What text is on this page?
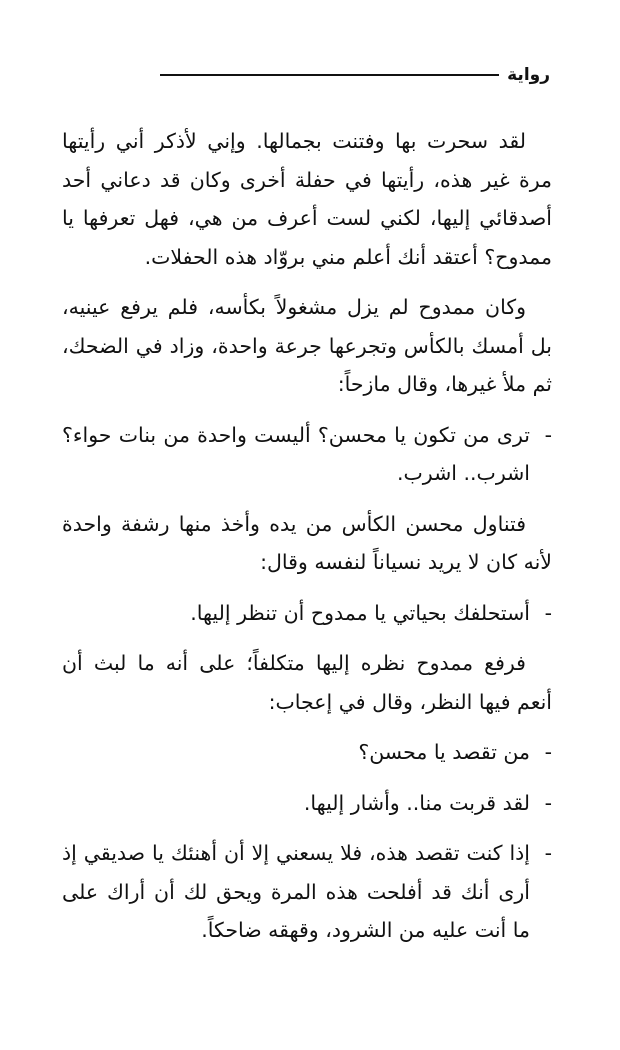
رواية

لقد سحرت بها وفتنت بجمالها. وإني لأذكر أني رأيتها مرة غير هذه، رأيتها في حفلة أخرى وكان قد دعاني أحد أصدقائي إليها، لكني لست أعرف من هي، فهل تعرفها يا ممدوح؟ أعتقد أنك أعلم مني بروّاد هذه الحفلات.

وكان ممدوح لم يزل مشغولاً بكأسه، فلم يرفع عينيه، بل أمسك بالكأس وتجرعها جرعة واحدة، وزاد في الضحك، ثم ملأ غيرها، وقال مازحاً:

-
ترى من تكون يا محسن؟ أليست واحدة من بنات حواء؟ اشرب.. اشرب.

فتناول محسن الكأس من يده وأخذ منها رشفة واحدة لأنه كان لا يريد نسياناً لنفسه وقال:

-
أستحلفك بحياتي يا ممدوح أن تنظر إليها.

فرفع ممدوح نظره إليها متكلفاً؛ على أنه ما لبث أن أنعم فيها النظر، وقال في إعجاب:

-
من تقصد يا محسن؟

-
لقد قربت منا.. وأشار إليها.

-
إذا كنت تقصد هذه، فلا يسعني إلا أن أهنئك يا صديقي إذ أرى أنك قد أفلحت هذه المرة ويحق لك أن أراك على ما أنت عليه من الشرود، وقهقه ضاحكاً.
